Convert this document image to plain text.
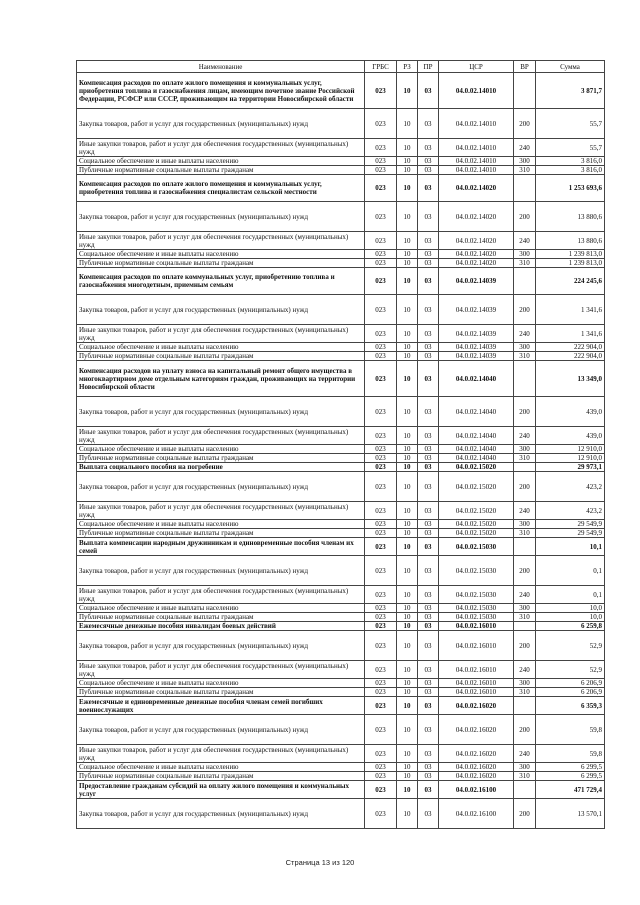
Наименование	ГРБС	РЗ	ПР	ЦСР	ВР	Сумма
Компенсация расходов по оплате жилого помещения и коммунальных услуг, приобретения топлива и газоснабжения лицам, имеющим почетное звание Российской Федерации, РСФСР или СССР, проживающим на территории Новосибирской области	023	10	03	04.0.02.14010		3 871,7
Закупка товаров, работ и услуг для государственных (муниципальных) нужд	023	10	03	04.0.02.14010	200	55,7
Иные закупки товаров, работ и услуг для обеспечения государственных (муниципальных) нужд	023	10	03	04.0.02.14010	240	55,7
Социальное обеспечение и иные выплаты населению	023	10	03	04.0.02.14010	300	3 816,0
Публичные нормативные социальные выплаты гражданам	023	10	03	04.0.02.14010	310	3 816,0
Компенсация расходов по оплате жилого помещения и коммунальных услуг, приобретения топлива и газоснабжения специалистам сельской местности	023	10	03	04.0.02.14020		1 253 693,6
Закупка товаров, работ и услуг для государственных (муниципальных) нужд	023	10	03	04.0.02.14020	200	13 880,6
Иные закупки товаров, работ и услуг для обеспечения государственных (муниципальных) нужд	023	10	03	04.0.02.14020	240	13 880,6
Социальное обеспечение и иные выплаты населению	023	10	03	04.0.02.14020	300	1 239 813,0
Публичные нормативные социальные выплаты гражданам	023	10	03	04.0.02.14020	310	1 239 813,0
Компенсация расходов по оплате коммунальных услуг, приобретению топлива и газоснабжения многодетным, приемным семьям	023	10	03	04.0.02.14039		224 245,6
Закупка товаров, работ и услуг для государственных (муниципальных) нужд	023	10	03	04.0.02.14039	200	1 341,6
Иные закупки товаров, работ и услуг для обеспечения государственных (муниципальных) нужд	023	10	03	04.0.02.14039	240	1 341,6
Социальное обеспечение и иные выплаты населению	023	10	03	04.0.02.14039	300	222 904,0
Публичные нормативные социальные выплаты гражданам	023	10	03	04.0.02.14039	310	222 904,0
Компенсация расходов на уплату взноса на капитальный ремонт общего имущества в многоквартирном доме отдельным категориям граждан, проживающих на территории Новосибирской области	023	10	03	04.0.02.14040		13 349,0
Закупка товаров, работ и услуг для государственных (муниципальных) нужд	023	10	03	04.0.02.14040	200	439,0
Иные закупки товаров, работ и услуг для обеспечения государственных (муниципальных) нужд	023	10	03	04.0.02.14040	240	439,0
Социальное обеспечение и иные выплаты населению	023	10	03	04.0.02.14040	300	12 910,0
Публичные нормативные социальные выплаты гражданам	023	10	03	04.0.02.14040	310	12 910,0
Выплата социального пособия на погребение	023	10	03	04.0.02.15020		29 973,1
Закупка товаров, работ и услуг для государственных (муниципальных) нужд	023	10	03	04.0.02.15020	200	423,2
Иные закупки товаров, работ и услуг для обеспечения государственных (муниципальных) нужд	023	10	03	04.0.02.15020	240	423,2
Социальное обеспечение и иные выплаты населению	023	10	03	04.0.02.15020	300	29 549,9
Публичные нормативные социальные выплаты гражданам	023	10	03	04.0.02.15020	310	29 549,9
Выплата компенсации народным дружинникам и единовременные пособия членам их семей	023	10	03	04.0.02.15030		10,1
Закупка товаров, работ и услуг для государственных (муниципальных) нужд	023	10	03	04.0.02.15030	200	0,1
Иные закупки товаров, работ и услуг для обеспечения государственных (муниципальных) нужд	023	10	03	04.0.02.15030	240	0,1
Социальное обеспечение и иные выплаты населению	023	10	03	04.0.02.15030	300	10,0
Публичные нормативные социальные выплаты гражданам	023	10	03	04.0.02.15030	310	10,0
Ежемесячные денежные пособия инвалидам боевых действий	023	10	03	04.0.02.16010		6 259,8
Закупка товаров, работ и услуг для государственных (муниципальных) нужд	023	10	03	04.0.02.16010	200	52,9
Иные закупки товаров, работ и услуг для обеспечения государственных (муниципальных) нужд	023	10	03	04.0.02.16010	240	52,9
Социальное обеспечение и иные выплаты населению	023	10	03	04.0.02.16010	300	6 206,9
Публичные нормативные социальные выплаты гражданам	023	10	03	04.0.02.16010	310	6 206,9
Ежемесячные и единовременные денежные пособия членам семей погибших военнослужащих	023	10	03	04.0.02.16020		6 359,3
Закупка товаров, работ и услуг для государственных (муниципальных) нужд	023	10	03	04.0.02.16020	200	59,8
Иные закупки товаров, работ и услуг для обеспечения государственных (муниципальных) нужд	023	10	03	04.0.02.16020	240	59,8
Социальное обеспечение и иные выплаты населению	023	10	03	04.0.02.16020	300	6 299,5
Публичные нормативные социальные выплаты гражданам	023	10	03	04.0.02.16020	310	6 299,5
Предоставление гражданам субсидий на оплату жилого помещения и коммунальных услуг	023	10	03	04.0.02.16100		471 729,4
Закупка товаров, работ и услуг для государственных (муниципальных) нужд	023	10	03	04.0.02.16100	200	13 570,1
Страница 13 из 120
